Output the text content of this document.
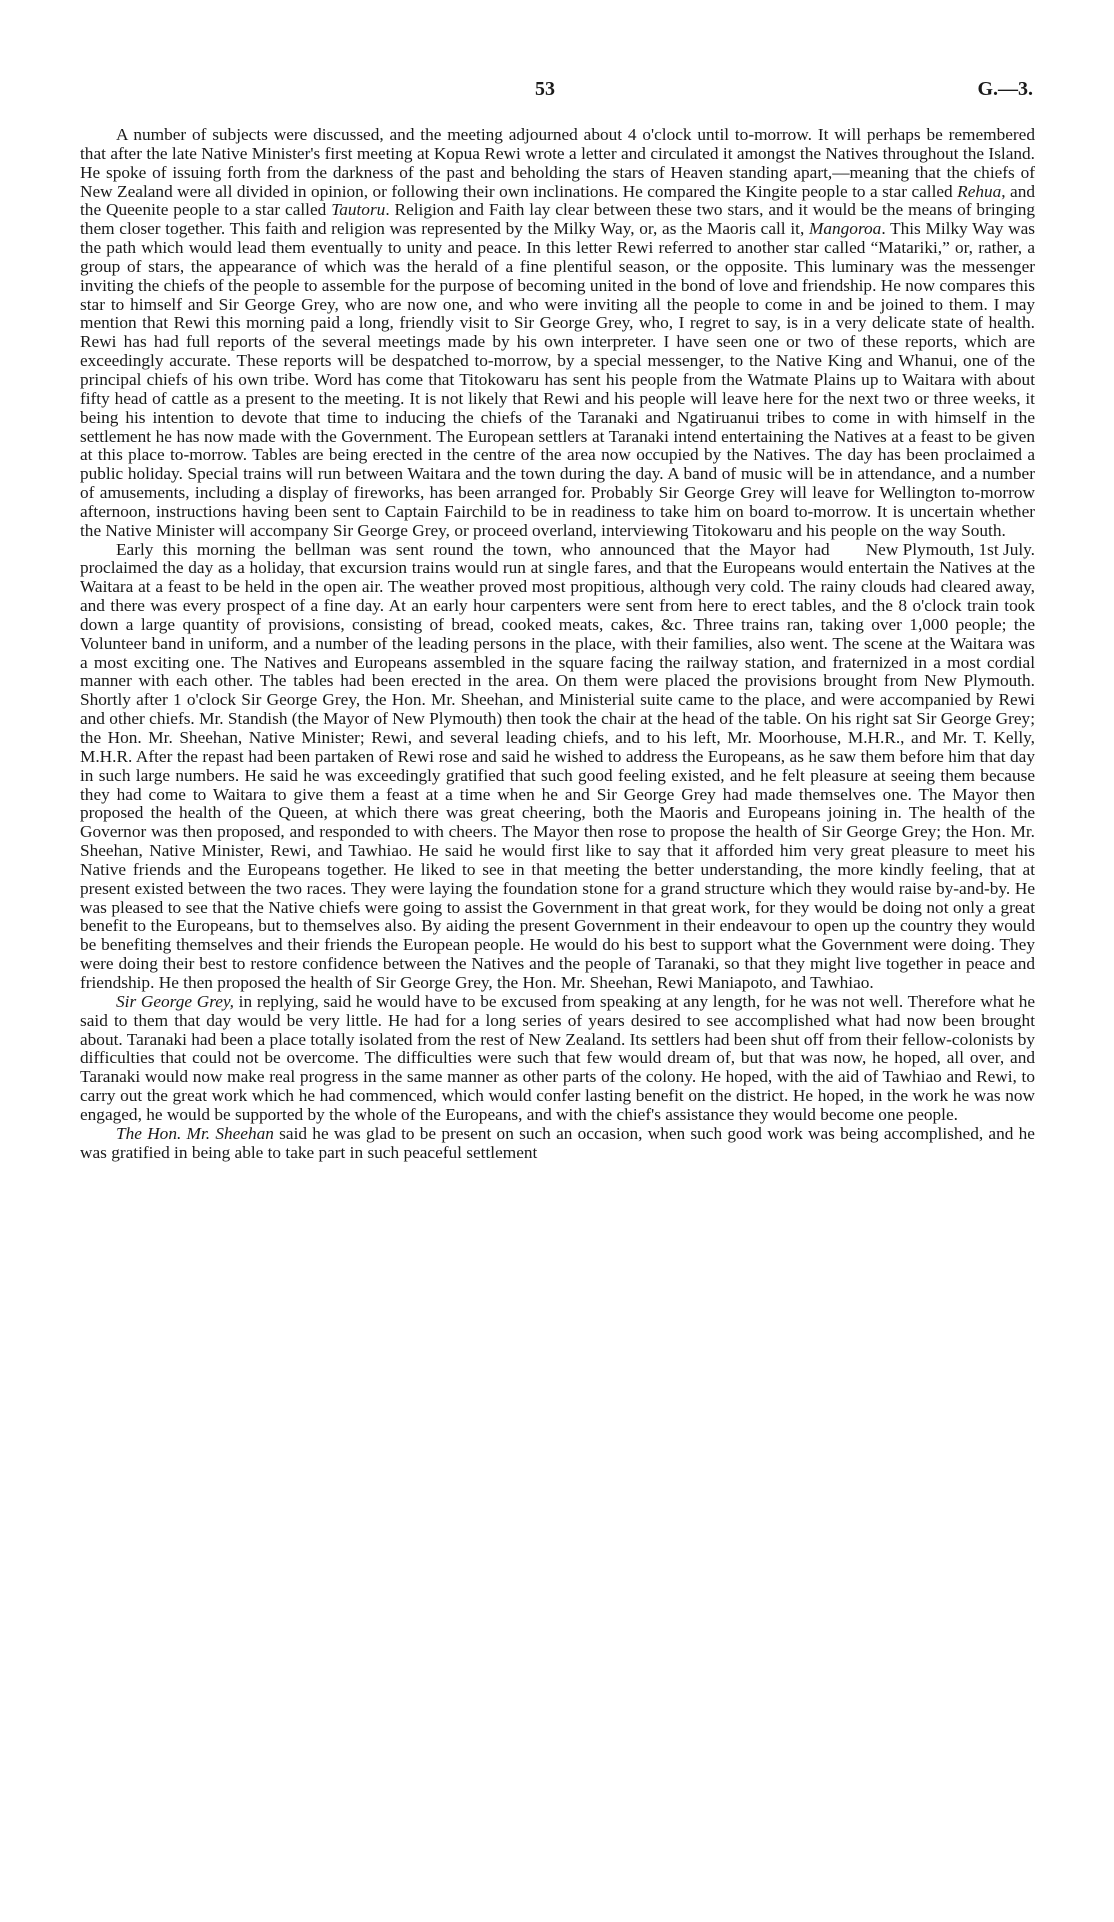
53	G.—3.

A number of subjects were discussed, and the meeting adjourned about 4 o'clock until to-morrow. It will perhaps be remembered that after the late Native Minister's first meeting at Kopua Rewi wrote a letter and circulated it amongst the Natives throughout the Island. He spoke of issuing forth from the darkness of the past and beholding the stars of Heaven standing apart,—meaning that the chiefs of New Zealand were all divided in opinion, or following their own inclinations. He compared the Kingite people to a star called Rehua, and the Queenite people to a star called Tautoru. Religion and Faith lay clear between these two stars, and it would be the means of bringing them closer together. This faith and religion was represented by the Milky Way, or, as the Maoris call it, Mangoroa. This Milky Way was the path which would lead them eventually to unity and peace. In this letter Rewi referred to another star called “Matariki,” or, rather, a group of stars, the appearance of which was the herald of a fine plentiful season, or the opposite. This luminary was the messenger inviting the chiefs of the people to assemble for the purpose of becoming united in the bond of love and friendship. He now compares this star to himself and Sir George Grey, who are now one, and who were inviting all the people to come in and be joined to them. I may mention that Rewi this morning paid a long, friendly visit to Sir George Grey, who, I regret to say, is in a very delicate state of health. Rewi has had full reports of the several meetings made by his own interpreter. I have seen one or two of these reports, which are exceedingly accurate. These reports will be despatched to-morrow, by a special messenger, to the Native King and Whanui, one of the principal chiefs of his own tribe. Word has come that Titokowaru has sent his people from the Watmate Plains up to Waitara with about fifty head of cattle as a present to the meeting. It is not likely that Rewi and his people will leave here for the next two or three weeks, it being his intention to devote that time to inducing the chiefs of the Taranaki and Ngatiruanui tribes to come in with himself in the settlement he has now made with the Government. The European settlers at Taranaki intend entertaining the Natives at a feast to be given at this place to-morrow. Tables are being erected in the centre of the area now occupied by the Natives. The day has been proclaimed a public holiday. Special trains will run between Waitara and the town during the day. A band of music will be in attendance, and a number of amusements, including a display of fireworks, has been arranged for. Probably Sir George Grey will leave for Wellington to-morrow afternoon, instructions having been sent to Captain Fairchild to be in readiness to take him on board to-morrow. It is uncertain whether the Native Minister will accompany Sir George Grey, or proceed overland, interviewing Titokowaru and his people on the way South.
New Plymouth, 1st July.

Early this morning the bellman was sent round the town, who announced that the Mayor had proclaimed the day as a holiday, that excursion trains would run at single fares, and that the Europeans would entertain the Natives at the Waitara at a feast to be held in the open air. The weather proved most propitious, although very cold. The rainy clouds had cleared away, and there was every prospect of a fine day. At an early hour carpenters were sent from here to erect tables, and the 8 o'clock train took down a large quantity of provisions, consisting of bread, cooked meats, cakes, &c. Three trains ran, taking over 1,000 people; the Volunteer band in uniform, and a number of the leading persons in the place, with their families, also went. The scene at the Waitara was a most exciting one. The Natives and Europeans assembled in the square facing the railway station, and fraternized in a most cordial manner with each other. The tables had been erected in the area. On them were placed the provisions brought from New Plymouth. Shortly after 1 o'clock Sir George Grey, the Hon. Mr. Sheehan, and Ministerial suite came to the place, and were accompanied by Rewi and other chiefs. Mr. Standish (the Mayor of New Plymouth) then took the chair at the head of the table. On his right sat Sir George Grey; the Hon. Mr. Sheehan, Native Minister; Rewi, and several leading chiefs, and to his left, Mr. Moorhouse, M.H.R., and Mr. T. Kelly, M.H.R. After the repast had been partaken of Rewi rose and said he wished to address the Europeans, as he saw them before him that day in such large numbers. He said he was exceedingly gratified that such good feeling existed, and he felt pleasure at seeing them because they had come to Waitara to give them a feast at a time when he and Sir George Grey had made themselves one. The Mayor then proposed the health of the Queen, at which there was great cheering, both the Maoris and Europeans joining in. The health of the Governor was then proposed, and responded to with cheers. The Mayor then rose to propose the health of Sir George Grey; the Hon. Mr. Sheehan, Native Minister, Rewi, and Tawhiao. He said he would first like to say that it afforded him very great pleasure to meet his Native friends and the Europeans together. He liked to see in that meeting the better understanding, the more kindly feeling, that at present existed between the two races. They were laying the foundation stone for a grand structure which they would raise by-and-by. He was pleased to see that the Native chiefs were going to assist the Government in that great work, for they would be doing not only a great benefit to the Europeans, but to themselves also. By aiding the present Government in their endeavour to open up the country they would be benefiting themselves and their friends the European people. He would do his best to support what the Government were doing. They were doing their best to restore confidence between the Natives and the people of Taranaki, so that they might live together in peace and friendship. He then proposed the health of Sir George Grey, the Hon. Mr. Sheehan, Rewi Maniapoto, and Tawhiao.

Sir George Grey, in replying, said he would have to be excused from speaking at any length, for he was not well. Therefore what he said to them that day would be very little. He had for a long series of years desired to see accomplished what had now been brought about. Taranaki had been a place totally isolated from the rest of New Zealand. Its settlers had been shut off from their fellow-colonists by difficulties that could not be overcome. The difficulties were such that few would dream of, but that was now, he hoped, all over, and Taranaki would now make real progress in the same manner as other parts of the colony. He hoped, with the aid of Tawhiao and Rewi, to carry out the great work which he had commenced, which would confer lasting benefit on the district. He hoped, in the work he was now engaged, he would be supported by the whole of the Europeans, and with the chief's assistance they would become one people.

The Hon. Mr. Sheehan said he was glad to be present on such an occasion, when such good work was being accomplished, and he was gratified in being able to take part in such peaceful settlement
